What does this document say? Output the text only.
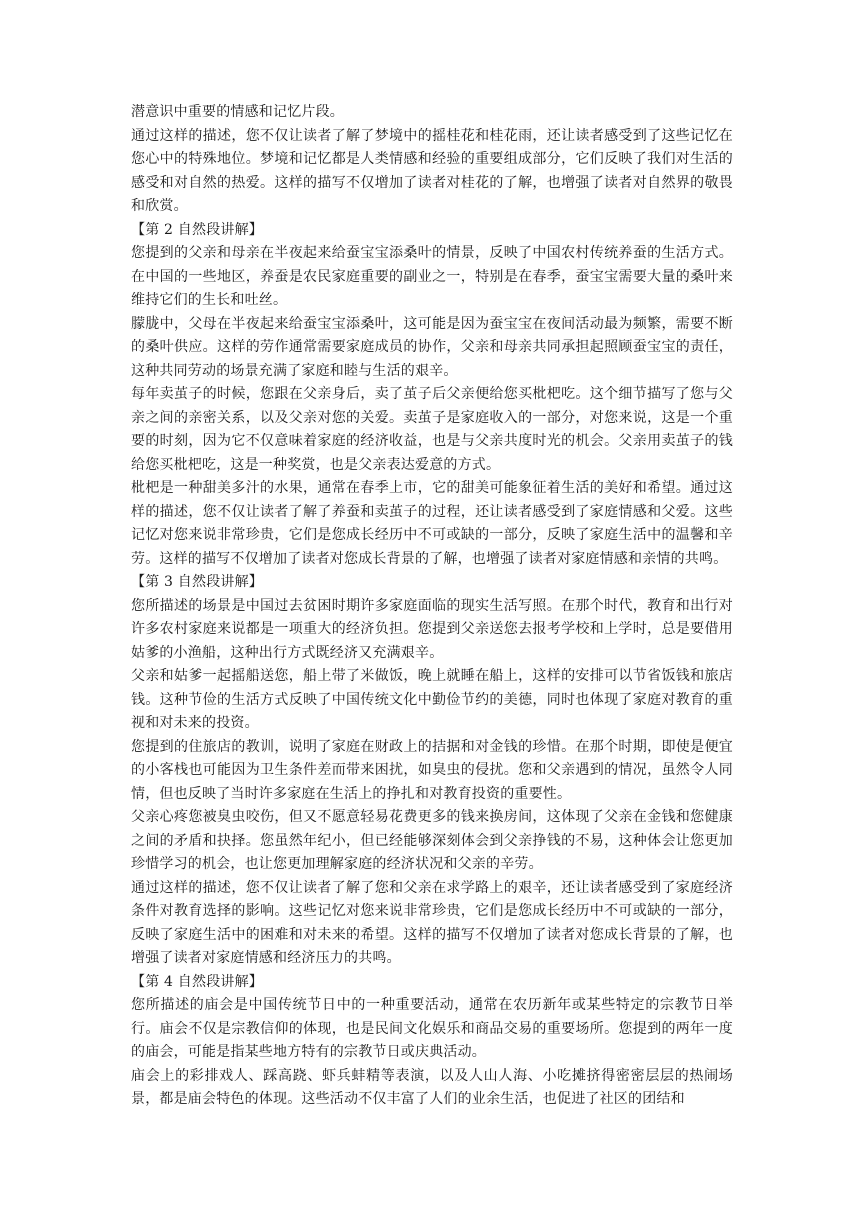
潜意识中重要的情感和记忆片段。

通过这样的描述，您不仅让读者了解了梦境中的摇桂花和桂花雨，还让读者感受到了这些记忆在您心中的特殊地位。梦境和记忆都是人类情感和经验的重要组成部分，它们反映了我们对生活的感受和对自然的热爱。这样的描写不仅增加了读者对桂花的了解，也增强了读者对自然界的敬畏和欣赏。

【第 2 自然段讲解】

您提到的父亲和母亲在半夜起来给蚕宝宝添桑叶的情景，反映了中国农村传统养蚕的生活方式。在中国的一些地区，养蚕是农民家庭重要的副业之一，特别是在春季，蚕宝宝需要大量的桑叶来维持它们的生长和吐丝。

朦胧中，父母在半夜起来给蚕宝宝添桑叶，这可能是因为蚕宝宝在夜间活动最为频繁，需要不断的桑叶供应。这样的劳作通常需要家庭成员的协作，父亲和母亲共同承担起照顾蚕宝宝的责任，这种共同劳动的场景充满了家庭和睦与生活的艰辛。

每年卖茧子的时候，您跟在父亲身后，卖了茧子后父亲便给您买枇杷吃。这个细节描写了您与父亲之间的亲密关系，以及父亲对您的关爱。卖茧子是家庭收入的一部分，对您来说，这是一个重要的时刻，因为它不仅意味着家庭的经济收益，也是与父亲共度时光的机会。父亲用卖茧子的钱给您买枇杷吃，这是一种奖赏，也是父亲表达爱意的方式。

枇杷是一种甜美多汁的水果，通常在春季上市，它的甜美可能象征着生活的美好和希望。通过这样的描述，您不仅让读者了解了养蚕和卖茧子的过程，还让读者感受到了家庭情感和父爱。这些记忆对您来说非常珍贵，它们是您成长经历中不可或缺的一部分，反映了家庭生活中的温馨和辛劳。这样的描写不仅增加了读者对您成长背景的了解，也增强了读者对家庭情感和亲情的共鸣。

【第 3 自然段讲解】

您所描述的场景是中国过去贫困时期许多家庭面临的现实生活写照。在那个时代，教育和出行对许多农村家庭来说都是一项重大的经济负担。您提到父亲送您去报考学校和上学时，总是要借用姑爹的小渔船，这种出行方式既经济又充满艰辛。

父亲和姑爹一起摇船送您，船上带了米做饭，晚上就睡在船上，这样的安排可以节省饭钱和旅店钱。这种节俭的生活方式反映了中国传统文化中勤俭节约的美德，同时也体现了家庭对教育的重视和对未来的投资。

您提到的住旅店的教训，说明了家庭在财政上的拮据和对金钱的珍惜。在那个时期，即使是便宜的小客栈也可能因为卫生条件差而带来困扰，如臭虫的侵扰。您和父亲遇到的情况，虽然令人同情，但也反映了当时许多家庭在生活上的挣扎和对教育投资的重要性。

父亲心疼您被臭虫咬伤，但又不愿意轻易花费更多的钱来换房间，这体现了父亲在金钱和您健康之间的矛盾和抉择。您虽然年纪小，但已经能够深刻体会到父亲挣钱的不易，这种体会让您更加珍惜学习的机会，也让您更加理解家庭的经济状况和父亲的辛劳。

通过这样的描述，您不仅让读者了解了您和父亲在求学路上的艰辛，还让读者感受到了家庭经济条件对教育选择的影响。这些记忆对您来说非常珍贵，它们是您成长经历中不可或缺的一部分，反映了家庭生活中的困难和对未来的希望。这样的描写不仅增加了读者对您成长背景的了解，也增强了读者对家庭情感和经济压力的共鸣。

【第 4 自然段讲解】

您所描述的庙会是中国传统节日中的一种重要活动，通常在农历新年或某些特定的宗教节日举行。庙会不仅是宗教信仰的体现，也是民间文化娱乐和商品交易的重要场所。您提到的两年一度的庙会，可能是指某些地方特有的宗教节日或庆典活动。

庙会上的彩排戏人、踩高跷、虾兵蚌精等表演，以及人山人海、小吃摊挤得密密层层的热闹场景，都是庙会特色的体现。这些活动不仅丰富了人们的业余生活，也促进了社区的团结和
